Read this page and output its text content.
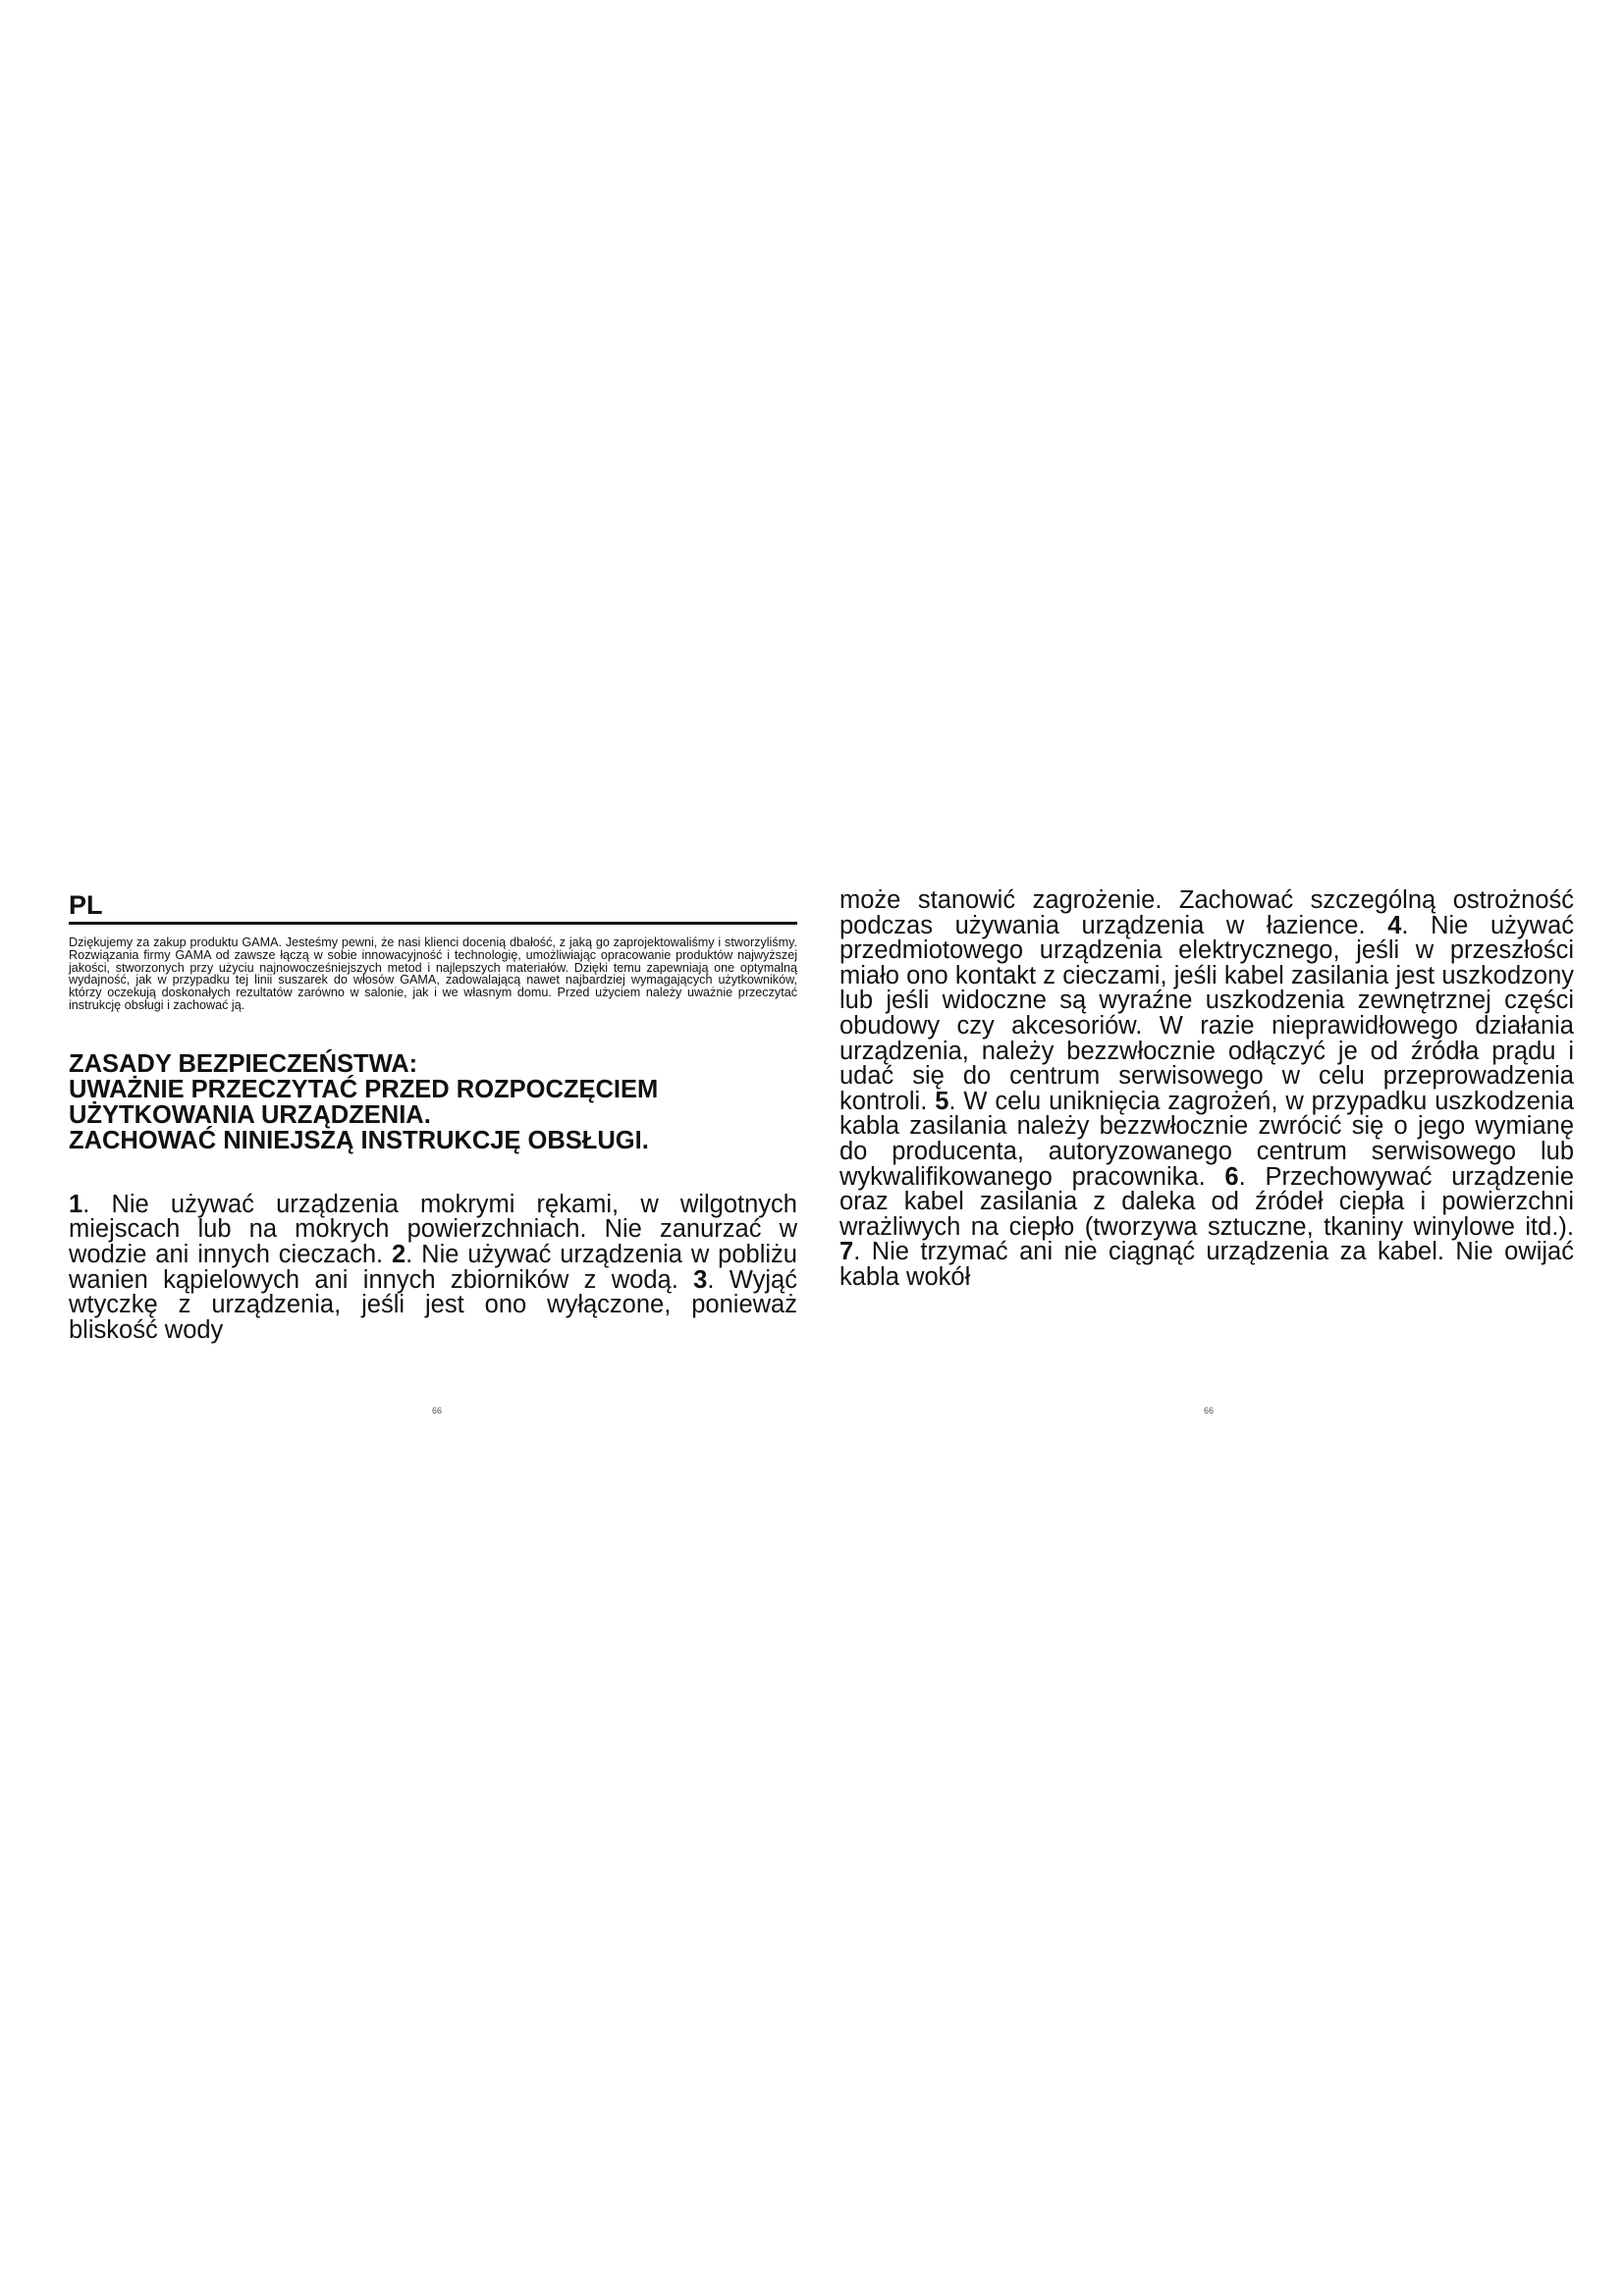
PL

Dziękujemy za zakup produktu GAMA. Jesteśmy pewni, że nasi klienci docenią dbałość, z jaką go zaprojektowaliśmy i stworzyliśmy. Rozwiązania firmy GAMA od zawsze łączą w sobie innowacyjność i technologię, umożliwiając opracowanie produktów najwyższej jakości, stworzonych przy użyciu najnowocześniejszych metod i najlepszych materiałów. Dzięki temu zapewniają one optymalną wydajność, jak w przypadku tej linii suszarek do włosów GAMA, zadowalającą nawet najbardziej wymagających użytkowników, którzy oczekują doskonałych rezultatów zarówno w salonie, jak i we własnym domu. Przed użyciem należy uważnie przeczytać instrukcję obsługi i zachować ją.

ZASADY BEZPIECZEŃSTWA:
UWAŻNIE PRZECZYTAĆ PRZED ROZPOCZĘCIEM
UŻYTKOWANIA URZĄDZENIA.
ZACHOWAĆ NINIEJSZĄ INSTRUKCJĘ OBSŁUGI.

1. Nie używać urządzenia mokrymi rękami, w wilgotnych miejscach lub na mokrych powierzchniach. Nie zanurzać w wodzie ani innych cieczach. 2. Nie używać urządzenia w pobliżu wanien kąpielowych ani innych zbiorników z wodą. 3. Wyjąć wtyczkę z urządzenia, jeśli jest ono wyłączone, ponieważ bliskość wody

może stanowić zagrożenie. Zachować szczególną ostrożność podczas używania urządzenia w łazience. 4. Nie używać przedmiotowego urządzenia elektrycznego, jeśli w przeszłości miało ono kontakt z cieczami, jeśli kabel zasilania jest uszkodzony lub jeśli widoczne są wyraźne uszkodzenia zewnętrznej części obudowy czy akcesoriów. W razie nieprawidłowego działania urządzenia, należy bezzwłocznie odłączyć je od źródła prądu i udać się do centrum serwisowego w celu przeprowadzenia kontroli. 5. W celu uniknięcia zagrożeń, w przypadku uszkodzenia kabla zasilania należy bezzwłocznie zwrócić się o jego wymianę do producenta, autoryzowanego centrum serwisowego lub wykwalifikowanego pracownika. 6. Przechowywać urządzenie oraz kabel zasilania z daleka od źródeł ciepła i powierzchni wrażliwych na ciepło (tworzywa sztuczne, tkaniny winylowe itd.). 7. Nie trzymać ani nie ciągnąć urządzenia za kabel. Nie owijać kabla wokół

66	66
